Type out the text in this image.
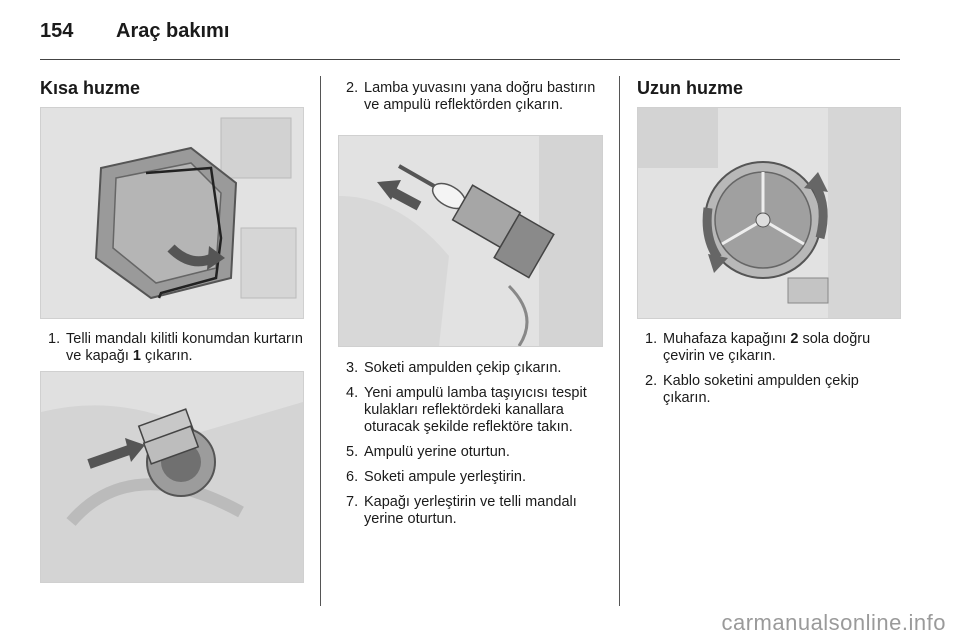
154 Araç bakımı
Kısa huzme
1. Telli mandalı kilitli konumdan kurtarın ve kapağı 1 çıkarın.
2. Lamba yuvasını yana doğru bastırın ve ampulü reflektörden çıkarın.
3. Soketi ampulden çekip çıkarın.
4. Yeni ampulü lamba taşıyıcısı tespit kulakları reflektördeki kanallara oturacak şekilde reflektöre takın.
5. Ampulü yerine oturtun.
6. Soketi ampule yerleştirin.
7. Kapağı yerleştirin ve telli mandalı yerine oturtun.
Uzun huzme
1. Muhafaza kapağını 2 sola doğru çevirin ve çıkarın.
2. Kablo soketini ampulden çekip çıkarın.
carmanualsonline.info
